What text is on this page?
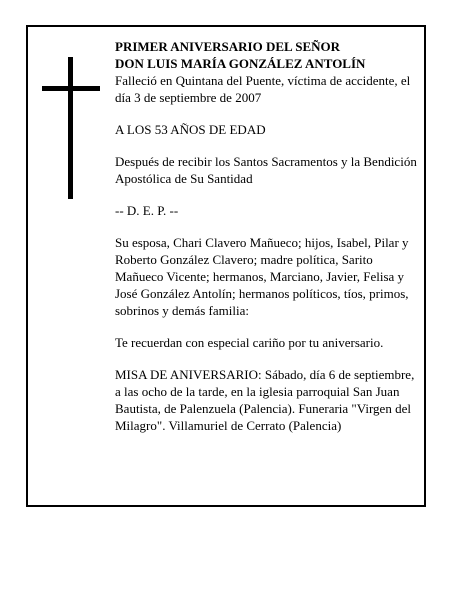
PRIMER ANIVERSARIO DEL SEÑOR

DON LUIS MARÍA GONZÁLEZ ANTOLÍN

Falleció en Quintana del Puente, víctima de accidente, el día 3 de septiembre de 2007

A LOS 53 AÑOS DE EDAD

Después de recibir los Santos Sacramentos y la Bendición Apostólica de Su Santidad

-- D. E. P. --

Su esposa, Chari Clavero Mañueco; hijos, Isabel, Pilar y Roberto González Clavero; madre política, Sarito Mañueco Vicente; hermanos, Marciano, Javier, Felisa y José González Antolín; hermanos políticos, tíos, primos, sobrinos y demás familia:

Te recuerdan con especial cariño por tu aniversario.

MISA DE ANIVERSARIO: Sábado, día 6 de septiembre, a las ocho de la tarde, en la iglesia parroquial San Juan Bautista, de Palenzuela (Palencia). Funeraria "Virgen del Milagro". Villamuriel de Cerrato (Palencia)
